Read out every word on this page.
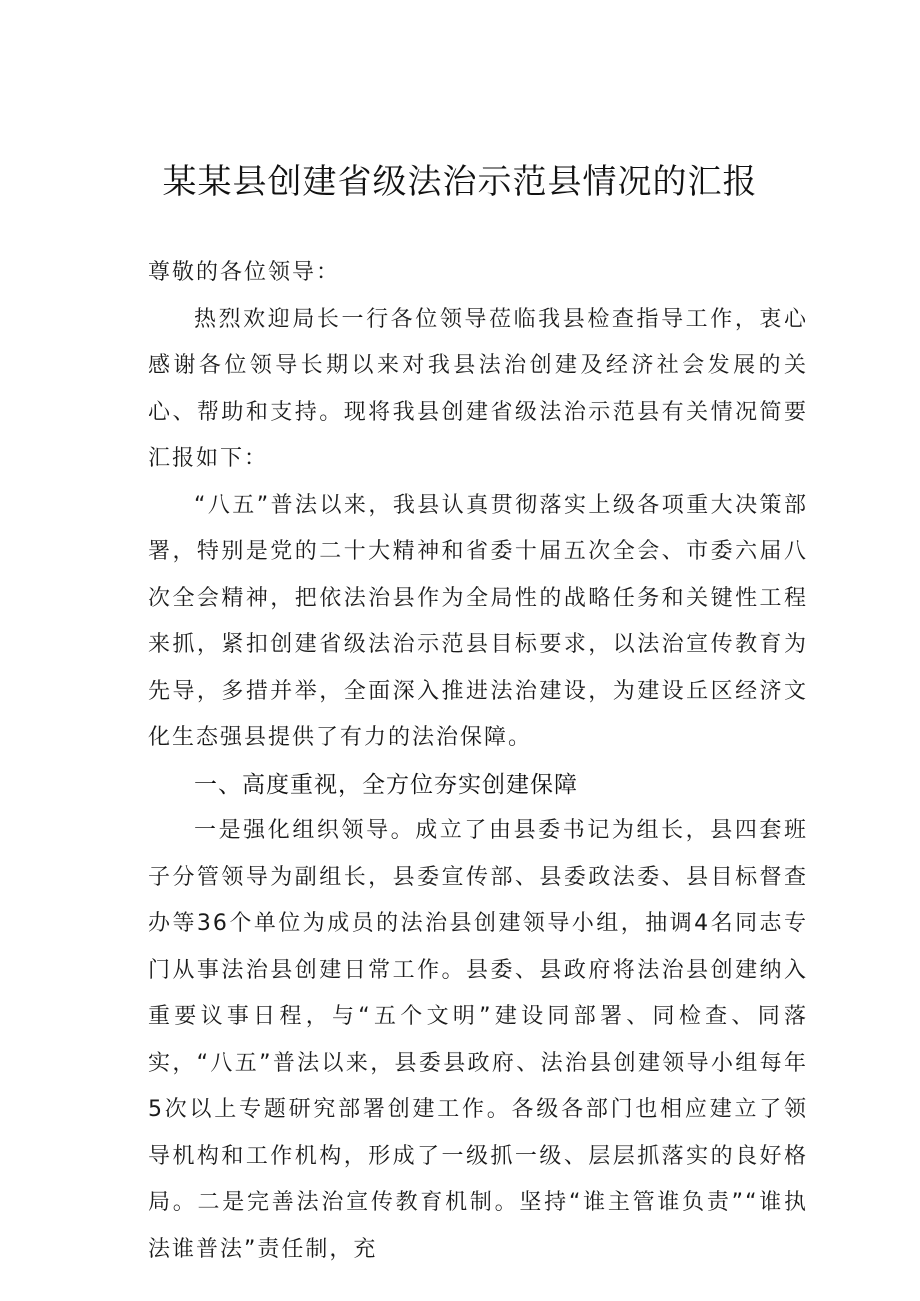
某某县创建省级法治示范县情况的汇报

尊敬的各位领导：

热烈欢迎局长一行各位领导莅临我县检查指导工作，衷心感谢各位领导长期以来对我县法治创建及经济社会发展的关心、帮助和支持。现将我县创建省级法治示范县有关情况简要汇报如下：

“八五”普法以来，我县认真贯彻落实上级各项重大决策部署，特别是党的二十大精神和省委十届五次全会、市委六届八次全会精神，把依法治县作为全局性的战略任务和关键性工程来抓，紧扣创建省级法治示范县目标要求，以法治宣传教育为先导，多措并举，全面深入推进法治建设，为建设丘区经济文化生态强县提供了有力的法治保障。

一、高度重视，全方位夯实创建保障

一是强化组织领导。成立了由县委书记为组长，县四套班子分管领导为副组长，县委宣传部、县委政法委、县目标督查办等36个单位为成员的法治县创建领导小组，抽调4名同志专门从事法治县创建日常工作。县委、县政府将法治县创建纳入重要议事日程，与“五个文明”建设同部署、同检查、同落实，“八五”普法以来，县委县政府、法治县创建领导小组每年5次以上专题研究部署创建工作。各级各部门也相应建立了领导机构和工作机构，形成了一级抓一级、层层抓落实的良好格局。二是完善法治宣传教育机制。坚持“谁主管谁负责”“谁执法谁普法”责任制，充
